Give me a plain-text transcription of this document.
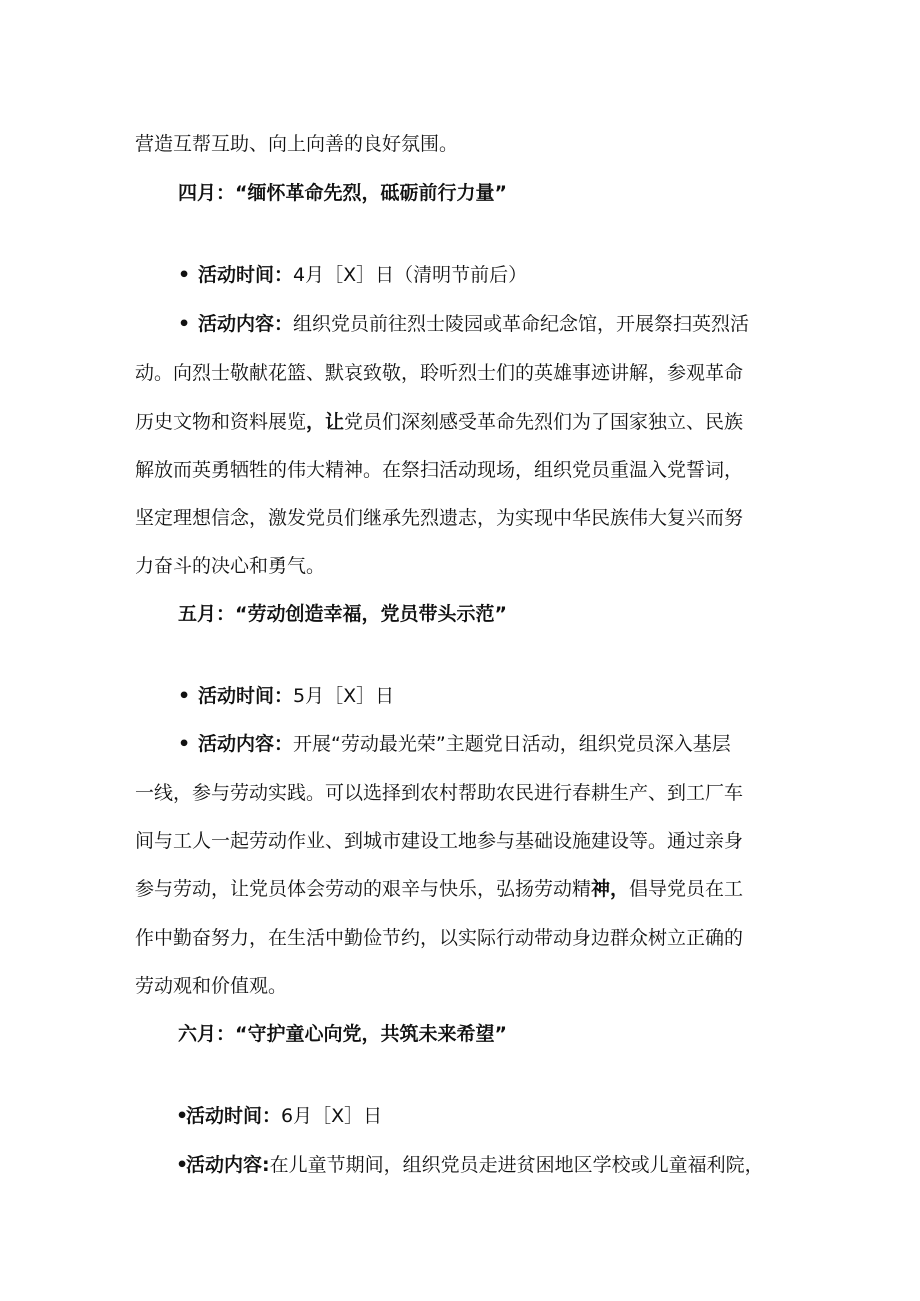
营造互帮互助、向上向善的良好氛围。
四月：“缅怀革命先烈，砥砺前行力量”
• 活动时间：4月［X］日（清明节前后）
• 活动内容：组织党员前往烈士陵园或革命纪念馆，开展祭扫英烈活
动。向烈士敬献花篮、默哀致敬，聆听烈士们的英雄事迹讲解，参观革命
历史文物和资料展览，让党员们深刻感受革命先烈们为了国家独立、民族
解放而英勇牺牲的伟大精神。在祭扫活动现场，组织党员重温入党誓词，
坚定理想信念，激发党员们继承先烈遗志，为实现中华民族伟大复兴而努
力奋斗的决心和勇气。
五月：“劳动创造幸福，党员带头示范”
• 活动时间：5月［X］日
• 活动内容：开展“劳动最光荣”主题党日活动，组织党员深入基层
一线，参与劳动实践。可以选择到农村帮助农民进行春耕生产、到工厂车
间与工人一起劳动作业、到城市建设工地参与基础设施建设等。通过亲身
参与劳动，让党员体会劳动的艰辛与快乐，弘扬劳动精神，倡导党员在工
作中勤奋努力，在生活中勤俭节约，以实际行动带动身边群众树立正确的
劳动观和价值观。
六月：“守护童心向党，共筑未来希望”
•活动时间：6月［X］日
•活动内容:在儿童节期间，组织党员走进贫困地区学校或儿童福利院，
